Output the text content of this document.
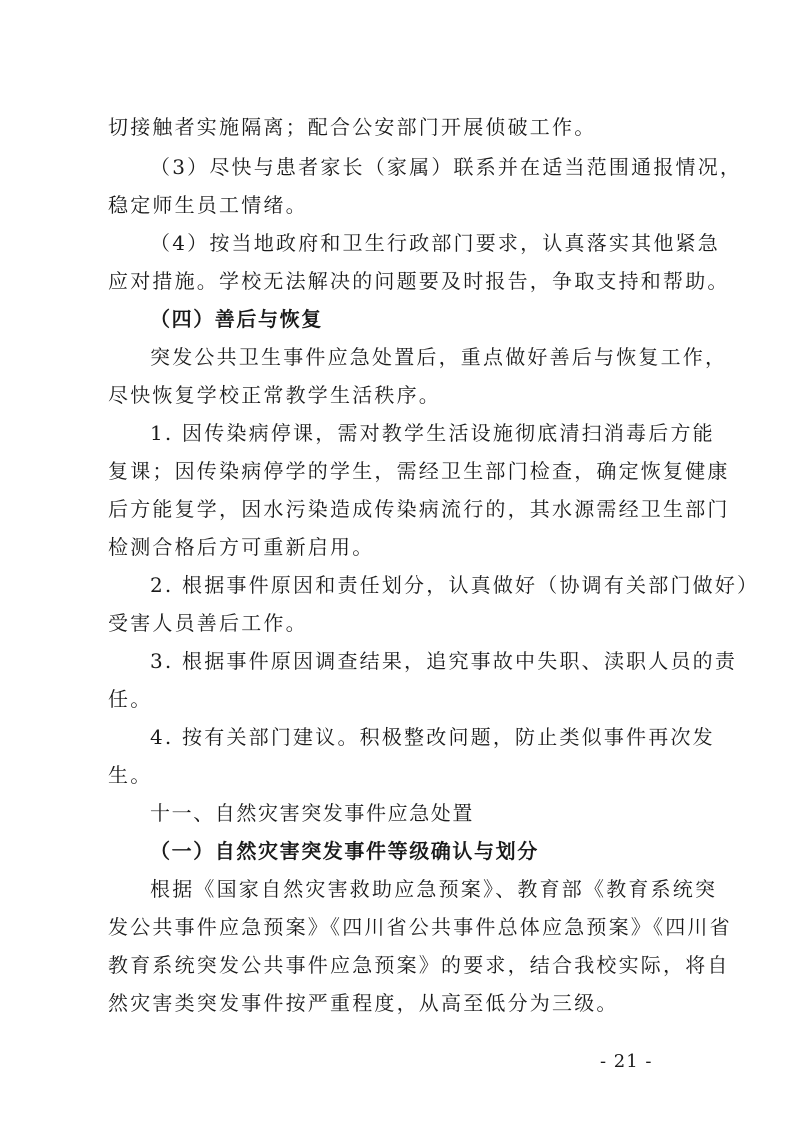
切接触者实施隔离；配合公安部门开展侦破工作。
（3）尽快与患者家长（家属）联系并在适当范围通报情况，
稳定师生员工情绪。
（4）按当地政府和卫生行政部门要求，认真落实其他紧急
应对措施。学校无法解决的问题要及时报告，争取支持和帮助。
（四）善后与恢复
突发公共卫生事件应急处置后，重点做好善后与恢复工作，
尽快恢复学校正常教学生活秩序。
1. 因传染病停课，需对教学生活设施彻底清扫消毒后方能
复课；因传染病停学的学生，需经卫生部门检查，确定恢复健康
后方能复学，因水污染造成传染病流行的，其水源需经卫生部门
检测合格后方可重新启用。
2. 根据事件原因和责任划分，认真做好（协调有关部门做好）
受害人员善后工作。
3. 根据事件原因调查结果，追究事故中失职、渎职人员的责
任。
4. 按有关部门建议。积极整改问题，防止类似事件再次发
生。
十一、自然灾害突发事件应急处置
（一）自然灾害突发事件等级确认与划分
根据《国家自然灾害救助应急预案》、教育部《教育系统突
发公共事件应急预案》《四川省公共事件总体应急预案》《四川省
教育系统突发公共事件应急预案》的要求，结合我校实际，将自
然灾害类突发事件按严重程度，从高至低分为三级。
- 21 -
